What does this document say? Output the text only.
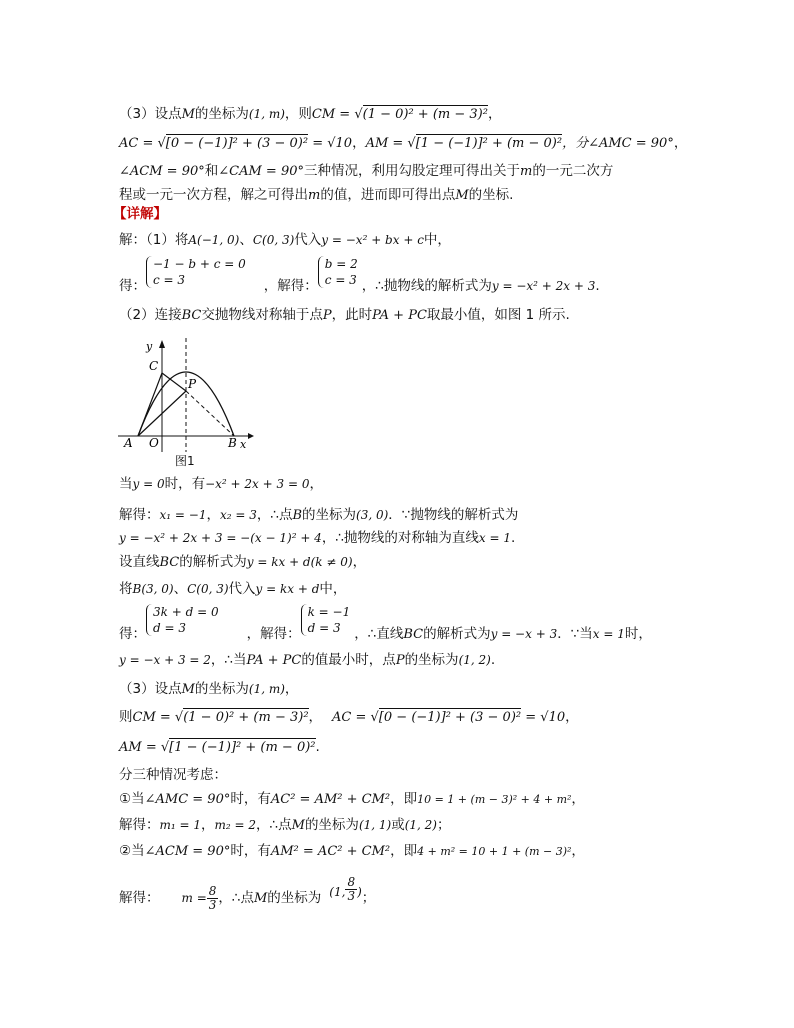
（3）设点M的坐标为(1, m)，则CM = √(1 − 0)² + (m − 3)²，
AC = √[0 − (−1)]² + (3 − 0)² = √10，AM = √[1 − (−1)]² + (m − 0)²，分∠AMC = 90°，
∠ACM = 90°和∠CAM = 90°三种情况，利用勾股定理可得出关于m的一元二次方
程或一元一次方程，解之可得出m的值，进而即可得出点M的坐标.
【详解】
解：（1）将A(−1, 0)、C(0, 3)代入y = −x² + bx + c中，
得：−1 − b + c = 0
c = 3	，解得：b = 2
c = 3 ，∴抛物线的解析式为y = −x² + 2x + 3.
（2）连接BC交抛物线对称轴于点P，此时PA + PC取最小值，如图 1 所示.
y
x
C
P
A O	B
图1
当y = 0时，有−x² + 2x + 3 = 0，
解得：x₁ = −1，x₂ = 3，∴点B的坐标为(3, 0)．∵抛物线的解析式为
y = −x² + 2x + 3 = −(x − 1)² + 4，∴抛物线的对称轴为直线x = 1.
设直线BC的解析式为y = kx + d(k ≠ 0)，
将B(3, 0)、C(0, 3)代入y = kx + d中，
得：3k + d = 0
d = 3	，解得：k = −1
d = 3 ，∴直线BC的解析式为y = −x + 3．∵当x = 1时，
y = −x + 3 = 2，∴当PA + PC的值最小时，点P的坐标为(1, 2).
（3）设点M的坐标为(1, m)，
则CM = √(1 − 0)² + (m − 3)²， AC = √[0 − (−1)]² + (3 − 0)² = √10，
AM = √[1 − (−1)]² + (m − 0)².
分三种情况考虑：
①当∠AMC = 90°时，有AC² = AM² + CM²，即10 = 1 + (m − 3)² + 4 + m²，
解得：m₁ = 1，m₂ = 2，∴点M的坐标为(1, 1)或(1, 2)；
②当∠ACM = 90°时，有AM² = AC² + CM²，即4 + m² = 10 + 1 + (m − 3)²，
解得： $m = \frac{8}{3}$ ，∴点M的坐标为 (1, $\frac{8}{3}$ )；
